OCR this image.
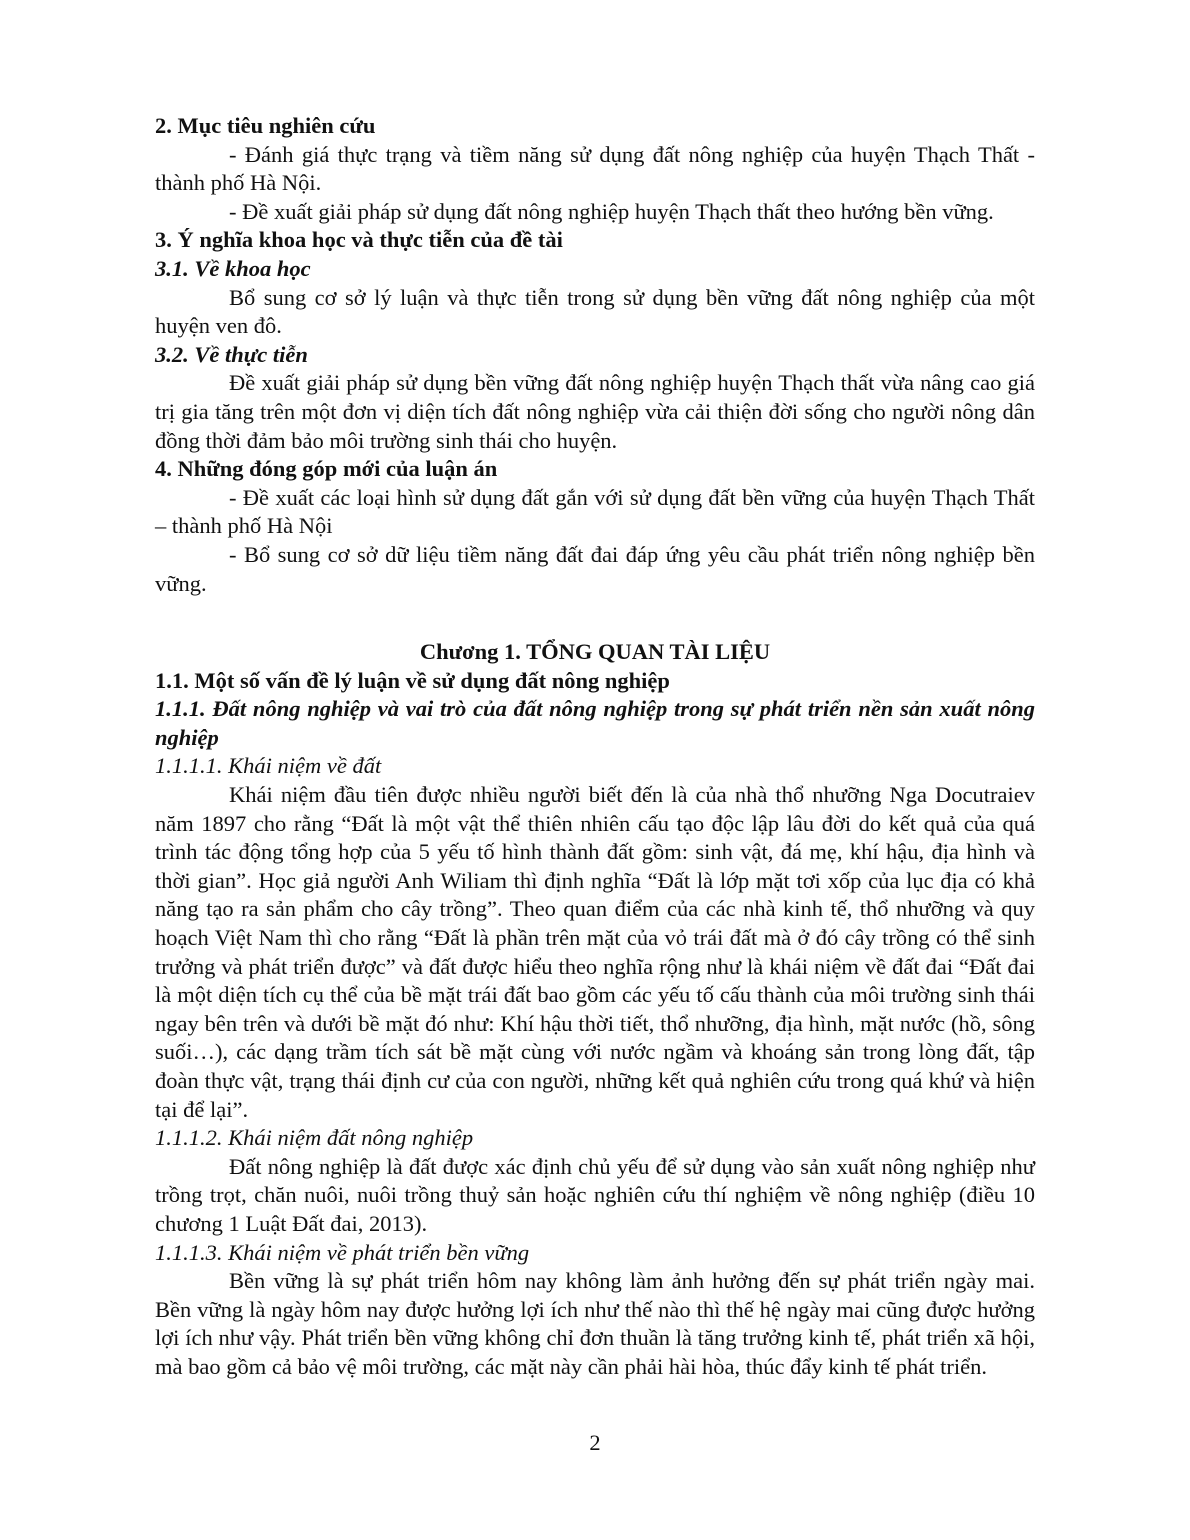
2. Mục tiêu nghiên cứu

- Đánh giá thực trạng và tiềm năng sử dụng đất nông nghiệp của huyện Thạch Thất - thành phố Hà Nội.

- Đề xuất giải pháp sử dụng đất nông nghiệp huyện Thạch thất theo hướng bền vững.

3. Ý nghĩa khoa học và thực tiễn của đề tài

3.1. Về khoa học

Bổ sung cơ sở lý luận và thực tiễn trong sử dụng bền vững đất nông nghiệp của một huyện ven đô.

3.2. Về thực tiễn

Đề xuất giải pháp sử dụng bền vững đất nông nghiệp huyện Thạch thất vừa nâng cao giá trị gia tăng trên một đơn vị diện tích đất nông nghiệp vừa cải thiện đời sống cho người nông dân đồng thời đảm bảo môi trường sinh thái cho huyện.

4. Những đóng góp mới của luận án

- Đề xuất các loại hình sử dụng đất gắn với sử dụng đất bền vững của huyện Thạch Thất – thành phố Hà Nội

- Bổ sung cơ sở dữ liệu tiềm năng đất đai đáp ứng yêu cầu phát triển nông nghiệp bền vững.

Chương 1. TỔNG QUAN TÀI LIỆU

1.1. Một số vấn đề lý luận về sử dụng đất nông nghiệp

1.1.1. Đất nông nghiệp và vai trò của đất nông nghiệp trong sự phát triển nền sản xuất nông nghiệp

1.1.1.1. Khái niệm về đất

Khái niệm đầu tiên được nhiều người biết đến là của nhà thổ nhưỡng Nga Docutraiev năm 1897 cho rằng “Đất là một vật thể thiên nhiên cấu tạo độc lập lâu đời do kết quả của quá trình tác động tổng hợp của 5 yếu tố hình thành đất gồm: sinh vật, đá mẹ, khí hậu, địa hình và thời gian”. Học giả người Anh Wiliam thì định nghĩa “Đất là lớp mặt tơi xốp của lục địa có khả năng tạo ra sản phẩm cho cây trồng”. Theo quan điểm của các nhà kinh tế, thổ nhưỡng và quy hoạch Việt Nam thì cho rằng “Đất là phần trên mặt của vỏ trái đất mà ở đó cây trồng có thể sinh trưởng và phát triển được” và đất được hiểu theo nghĩa rộng như là khái niệm về đất đai “Đất đai là một diện tích cụ thể của bề mặt trái đất bao gồm các yếu tố cấu thành của môi trường sinh thái ngay bên trên và dưới bề mặt đó như: Khí hậu thời tiết, thổ nhưỡng, địa hình, mặt nước (hồ, sông suối…), các dạng trầm tích sát bề mặt cùng với nước ngầm và khoáng sản trong lòng đất, tập đoàn thực vật, trạng thái định cư của con người, những kết quả nghiên cứu trong quá khứ và hiện tại để lại”.

1.1.1.2. Khái niệm đất nông nghiệp

Đất nông nghiệp là đất được xác định chủ yếu để sử dụng vào sản xuất nông nghiệp như trồng trọt, chăn nuôi, nuôi trồng thuỷ sản hoặc nghiên cứu thí nghiệm về nông nghiệp (điều 10 chương 1 Luật Đất đai, 2013).

1.1.1.3. Khái niệm về phát triển bền vững

Bền vững là sự phát triển hôm nay không làm ảnh hưởng đến sự phát triển ngày mai. Bền vững là ngày hôm nay được hưởng lợi ích như thế nào thì thế hệ ngày mai cũng được hưởng lợi ích như vậy. Phát triển bền vững không chỉ đơn thuần là tăng trưởng kinh tế, phát triển xã hội, mà bao gồm cả bảo vệ môi trường, các mặt này cần phải hài hòa, thúc đẩy kinh tế phát triển.

2
